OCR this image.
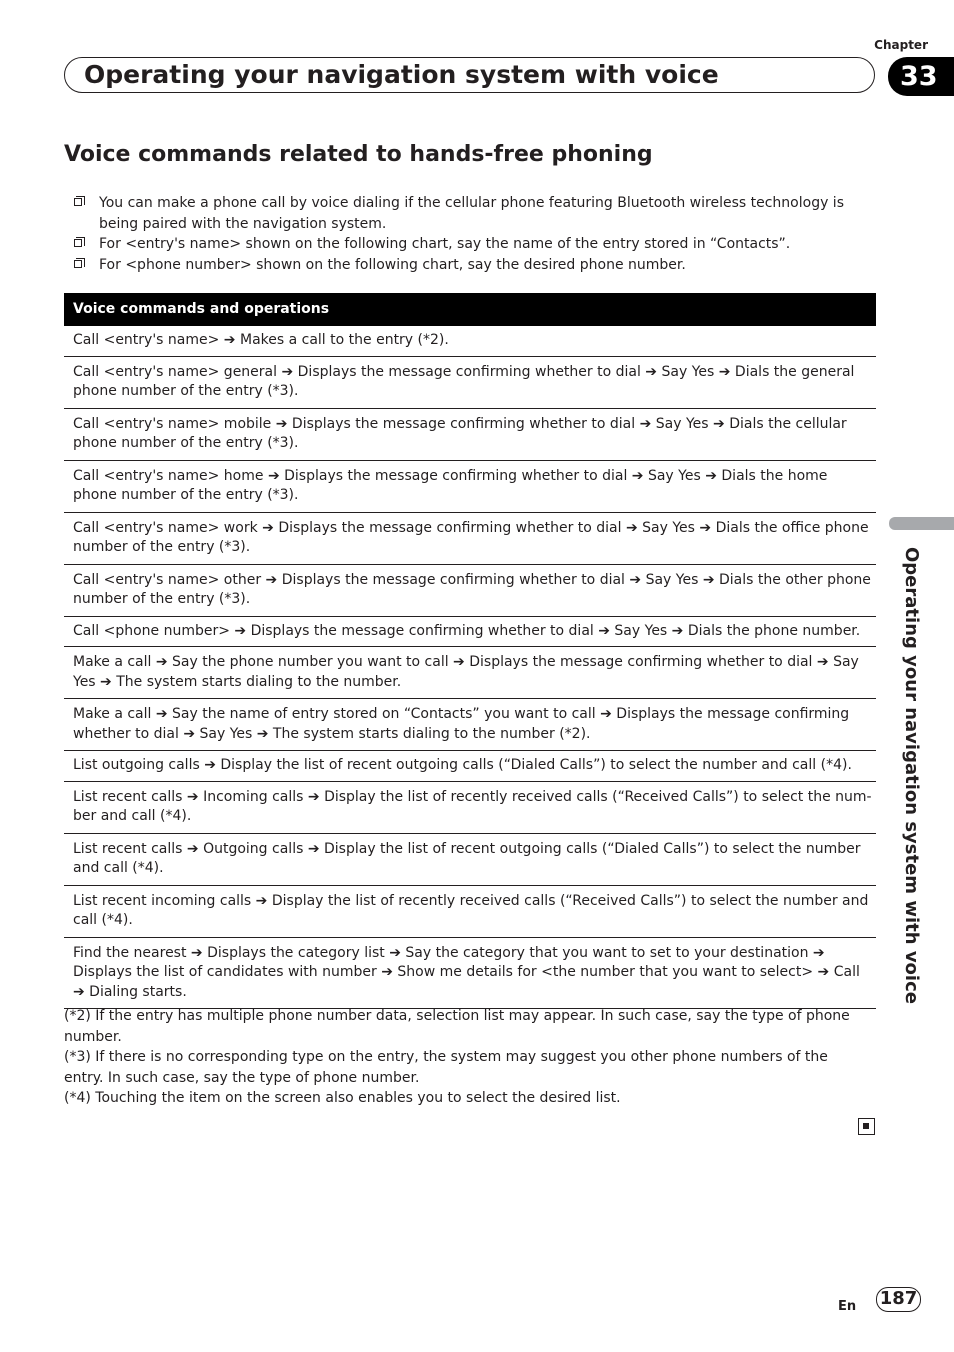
Chapter
33
Operating your navigation system with voice
Voice commands related to hands-free phoning
You can make a phone call by voice dialing if the cellular phone featuring Bluetooth wireless technology is being paired with the navigation system.
For <entry's name> shown on the following chart, say the name of the entry stored in “Contacts”.
For <phone number> shown on the following chart, say the desired phone number.
Voice commands and operations
Call <entry's name> ➔ Makes a call to the entry (*2).
Call <entry's name> general ➔ Displays the message confirming whether to dial ➔ Say Yes ➔ Dials the general phone number of the entry (*3).
Call <entry's name> mobile ➔ Displays the message confirming whether to dial ➔ Say Yes ➔ Dials the cellular phone number of the entry (*3).
Call <entry's name> home ➔ Displays the message confirming whether to dial ➔ Say Yes ➔ Dials the home phone number of the entry (*3).
Call <entry's name> work ➔ Displays the message confirming whether to dial ➔ Say Yes ➔ Dials the office phone number of the entry (*3).
Call <entry's name> other ➔ Displays the message confirming whether to dial ➔ Say Yes ➔ Dials the other phone number of the entry (*3).
Call <phone number> ➔ Displays the message confirming whether to dial ➔ Say Yes ➔ Dials the phone number.
Make a call ➔ Say the phone number you want to call ➔ Displays the message confirming whether to dial ➔ Say Yes ➔ The system starts dialing to the number.
Make a call ➔ Say the name of entry stored on “Contacts” you want to call ➔ Displays the message confirming whether to dial ➔ Say Yes ➔ The system starts dialing to the number (*2).
List outgoing calls ➔ Display the list of recent outgoing calls (“Dialed Calls”) to select the number and call (*4).
List recent calls ➔ Incoming calls ➔ Display the list of recently received calls (“Received Calls”) to select the num-ber and call (*4).
List recent calls ➔ Outgoing calls ➔ Display the list of recent outgoing calls (“Dialed Calls”) to select the number and call (*4).
List recent incoming calls ➔ Display the list of recently received calls (“Received Calls”) to select the number and call (*4).
Find the nearest ➔ Displays the category list ➔ Say the category that you want to set to your destination ➔ Displays the list of candidates with number ➔ Show me details for <the number that you want to select> ➔ Call ➔ Dialing starts.

(*2) If the entry has multiple phone number data, selection list may appear. In such case, say the type of phone number.

(*3) If there is no corresponding type on the entry, the system may suggest you other phone numbers of the entry. In such case, say the type of phone number.

(*4) Touching the item on the screen also enables you to select the desired list.

Operating your navigation system with voice
En 187
